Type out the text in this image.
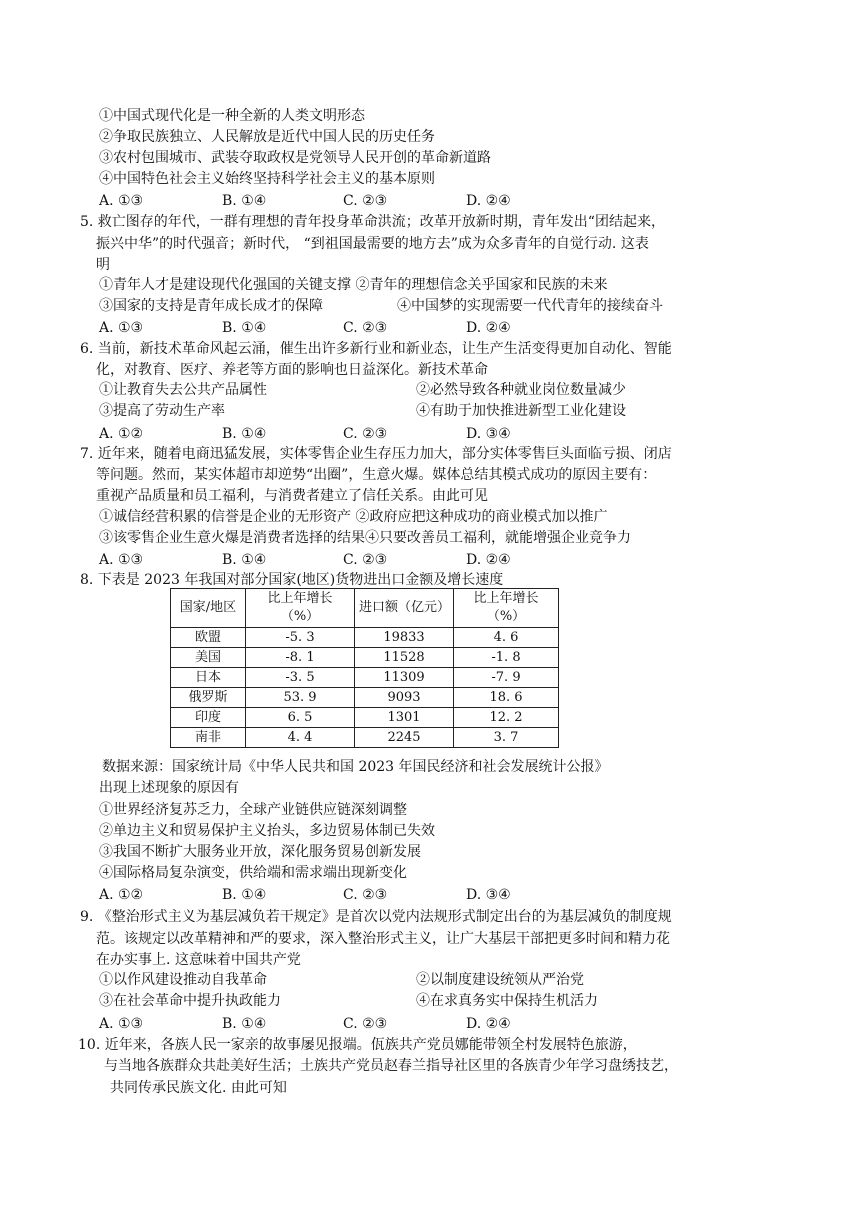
①中国式现代化是一种全新的人类文明形态
②争取民族独立、人民解放是近代中国人民的历史任务
③农村包围城市、武装夺取政权是党领导人民开创的革命新道路
④中国特色社会主义始终坚持科学社会主义的基本原则
A. ①③	B. ①④	C. ②③	D. ②④
5. 救亡图存的年代，一群有理想的青年投身革命洪流；改革开放新时期，青年发出“团结起来，
振兴中华”的时代强音；新时代， “到祖国最需要的地方去”成为众多青年的自觉行动. 这表
明
①青年人才是建设现代化强国的关键支撑 ②青年的理想信念关乎国家和民族的未来
③国家的支持是青年成长成才的保障	④中国梦的实现需要一代代青年的接续奋斗
A. ①③	B. ①④	C. ②③	D. ②④
6. 当前，新技术革命风起云涌，催生出许多新行业和新业态，让生产生活变得更加自动化、智能
化，对教育、医疗、养老等方面的影响也日益深化。新技术革命
①让教育失去公共产品属性	②必然导致各种就业岗位数量减少
③提高了劳动生产率	④有助于加快推进新型工业化建设
A. ①②	B. ①④	C. ②③	D. ③④
7. 近年来，随着电商迅猛发展，实体零售企业生存压力加大，部分实体零售巨头面临亏损、闭店
等问题。然而，某实体超市却逆势“出圈”，生意火爆。媒体总结其模式成功的原因主要有：
重视产品质量和员工福利，与消费者建立了信任关系。由此可见
①诚信经营积累的信誉是企业的无形资产 ②政府应把这种成功的商业模式加以推广
③该零售企业生意火爆是消费者选择的结果④只要改善员工福利，就能增强企业竞争力
A. ①③	B. ①④	C. ②③	D. ②④
8. 下表是 2023 年我国对部分国家(地区)货物进出口金额及增长速度
国家/地区	比上年增长 （%）	进口额（亿元）	比上年增长（%）
欧盟	-5. 3	19833	4. 6
美国	-8. 1	11528	-1. 8
日本	-3. 5	11309	-7. 9
俄罗斯	53. 9	9093	18. 6
印度	6. 5	1301	12. 2
南非	4. 4	2245	3. 7
数据来源：国家统计局《中华人民共和国 2023 年国民经济和社会发展统计公报》
出现上述现象的原因有
①世界经济复苏乏力，全球产业链供应链深刻调整
②单边主义和贸易保护主义抬头，多边贸易体制已失效
③我国不断扩大服务业开放，深化服务贸易创新发展
④国际格局复杂演变，供给端和需求端出现新变化
A. ①②	B. ①④	C. ②③	D. ③④
9. 《整治形式主义为基层减负若干规定》是首次以党内法规形式制定出台的为基层减负的制度规
范。该规定以改革精神和严的要求，深入整治形式主义，让广大基层干部把更多时间和精力花
在办实事上. 这意味着中国共产党
①以作风建设推动自我革命	②以制度建设统领从严治党
③在社会革命中提升执政能力	④在求真务实中保持生机活力
A. ①③	B. ①④	C. ②③	D. ②④
10. 近年来，各族人民一家亲的故事屡见报端。佤族共产党员娜能带领全村发展特色旅游，
与当地各族群众共赴美好生活；土族共产党员赵春兰指导社区里的各族青少年学习盘绣技艺，
共同传承民族文化. 由此可知
